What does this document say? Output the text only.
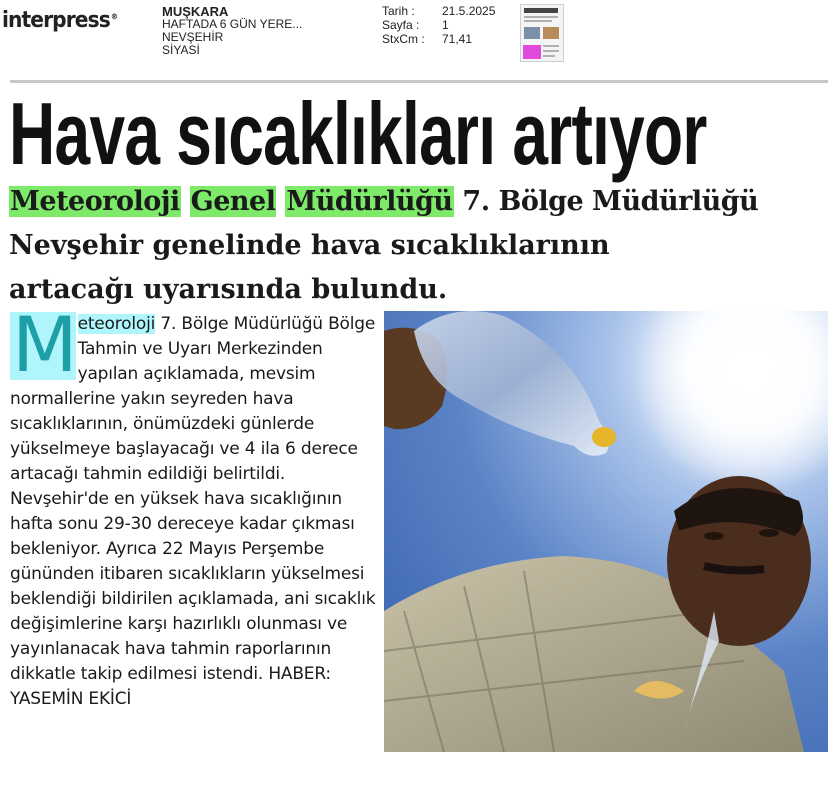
interpress®	MUŞKARA
HAFTADA 6 GÜN YERE...
NEVŞEHİR
SİYASİ
Tarih :	21.5.2025
Sayfa :	1
StxCm :	71,41
Hava sıcaklıkları artıyor
Meteoroloji Genel Müdürlüğü 7. Bölge Müdürlüğü
Nevşehir genelinde hava sıcaklıklarının
artacağı uyarısında bulundu.
M eteoroloji 7. Bölge Müdürlüğü Bölge Tahmin ve Uyarı Merkezinden yapılan açıklamada, mevsim normallerine yakın seyreden hava sıcaklıklarının, önümüzdeki günlerde yükselmeye başlayacağı ve 4 ila 6 derece artacağı tahmin edildiği belirtildi. Nevşehir'de en yüksek hava sıcaklığının hafta sonu 29-30 dereceye kadar çıkması bekleniyor. Ayrıca 22 Mayıs Perşembe gününden itibaren sıcaklıkların yükselmesi beklendiği bildirilen açıklamada, ani sıcaklık değişimlerine karşı hazırlıklı olunması ve yayınlanacak hava tahmin raporlarının dikkatle takip edilmesi istendi. HABER: YASEMİN EKİCİ
